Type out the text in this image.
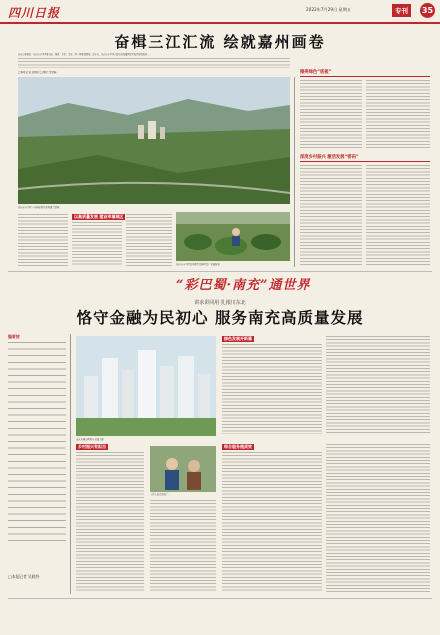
四川日报	2022年7月29日 星期五	专刊	35
奋楫三江汇流 绘就嘉州画卷
乐山市委委员、乐山市市中区委书记、城区、水乡、文化三位一体规划建设，近年来，乐山市市中区在践行新发展理念中取得明显成效……
□本报记者 张晓卉 □周好 龙君海
乐山市市中区一座鲜花村的乡村振兴景象
乐山市市中区农业现代化园区农户采摘蔬菜
以高质量发展 建设幸福城区
擦亮绿色“底板”
深度乡村振兴 激活发展“密码”
“彩巴蜀·南充”通世界
讲求讲同用 扎根川东北
恪守金融为民初心 服务南充高质量发展
编者按
□本报记者 吴晓铃
南充市城市风貌与金融大厦
乡村振兴有担当
工作人员走访农户
绿色发展开新篇
综合服务提质效
